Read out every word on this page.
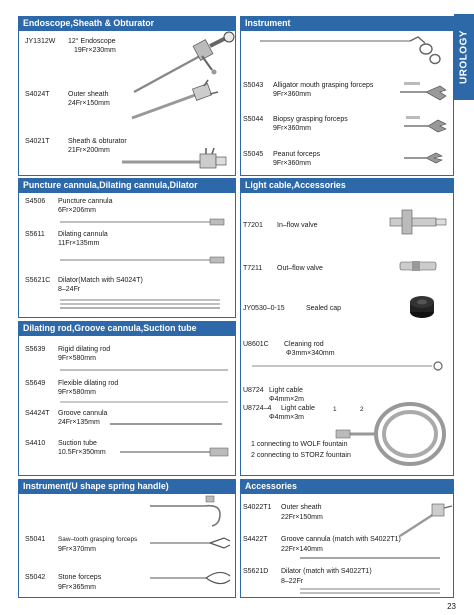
UROLOGY
Endoscope,Sheath & Obturator
JY1312W 12° Endoscope
19Fr×230mm
S4024T	Outer sheath
24Fr×150mm
S4021T	Sheath & obturator
21Fr×200mm
Instrument
S5043 Alligator mouth grasping forceps
9Fr×360mm
S5044 Biopsy grasping forceps
9Fr×360mm
S5045 Peanut forceps
9Fr×360mm
Puncture cannula,Dilating cannula,Dilator
S4506 Puncture cannula
6Fr×206mm
S5611 Dilating cannula
11Fr×135mm
S5621C Dilator(Match with S4024T)
8–24Fr
Light cable,Accessories
T7201 In–flow valve
T7211 Out–flow valve
JY0530–0-15	Sealed cap
U8601C Cleaning rod
Φ3mm×340mm
U8724 Light cable
Φ4mm×2m
U8724–4 Light cable
Φ4mm×3m
1	2
1 connecting to WOLF fountain
2 connecting to STORZ fountain
Dilating rod,Groove cannula,Suction tube
S5639 Rigid dilating rod
9Fr×580mm
S5649 Flexible dilating rod
9Fr×580mm
S4424T Groove cannula
24Fr×135mm
S4410 Suction tube
10.5Fr×350mm
Instrument(U shape spring handle)
S5041 Saw–tooth grasping forceps
9Fr×370mm
S5042 Stone forceps
9Fr×365mm
Accessories
S4022T1 Outer sheath
22Fr×150mm
S4422T Groove cannula (match with S4022T1)
22Fr×140mm
S5621D Dilator (match with S4022T1)
8–22Fr
23
